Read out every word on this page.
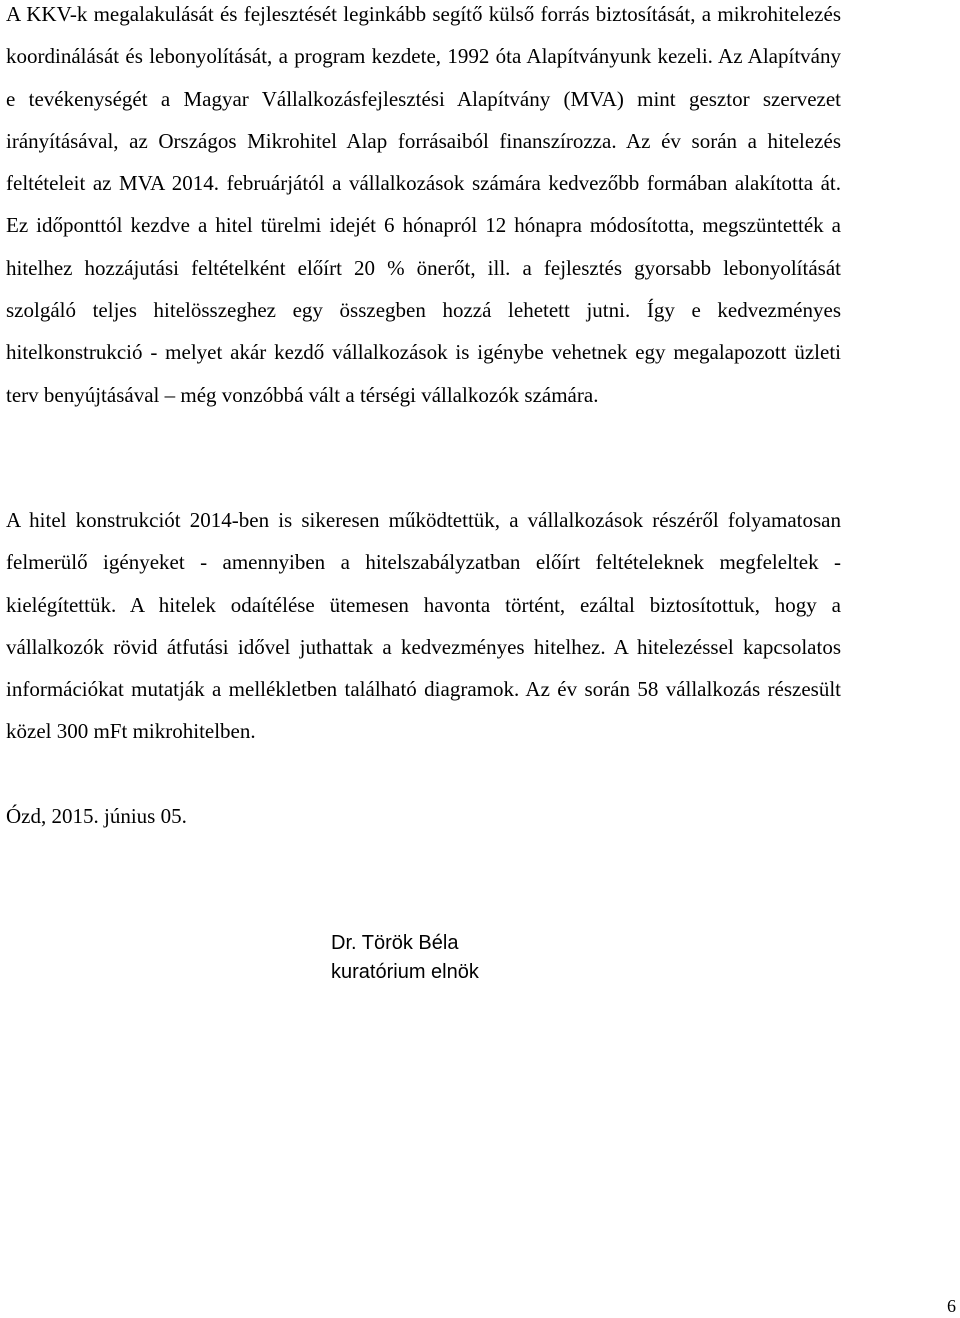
A KKV-k megalakulását és fejlesztését leginkább segítő külső forrás biztosítását, a mikrohitelezés koordinálását és lebonyolítását, a program kezdete, 1992 óta Alapítványunk kezeli. Az Alapítvány e tevékenységét a Magyar Vállalkozásfejlesztési Alapítvány (MVA) mint gesztor szervezet irányításával, az Országos Mikrohitel Alap forrásaiból finanszírozza. Az év során a hitelezés feltételeit az MVA 2014. februárjától a vállalkozások számára kedvezőbb formában alakította át. Ez időponttól kezdve a hitel türelmi idejét 6 hónapról 12 hónapra módosította, megszüntették a hitelhez hozzájutási feltételként előírt 20 % önerőt, ill. a fejlesztés gyorsabb lebonyolítását szolgáló teljes hitelösszeghez egy összegben hozzá lehetett jutni. Így e kedvezményes hitelkonstrukció - melyet akár kezdő vállalkozások is igénybe vehetnek egy megalapozott üzleti terv benyújtásával – még vonzóbbá vált a térségi vállalkozók számára.

A hitel konstrukciót 2014-ben is sikeresen működtettük, a vállalkozások részéről folyamatosan felmerülő igényeket - amennyiben a hitelszabályzatban előírt feltételeknek megfeleltek - kielégítettük. A hitelek odaítélése ütemesen havonta történt, ezáltal biztosítottuk, hogy a vállalkozók rövid átfutási idővel juthattak a kedvezményes hitelhez. A hitelezéssel kapcsolatos információkat mutatják a mellékletben található diagramok. Az év során 58 vállalkozás részesült közel 300 mFt mikrohitelben.

Ózd, 2015. június 05.

Dr. Török Béla
kuratórium elnök
6
